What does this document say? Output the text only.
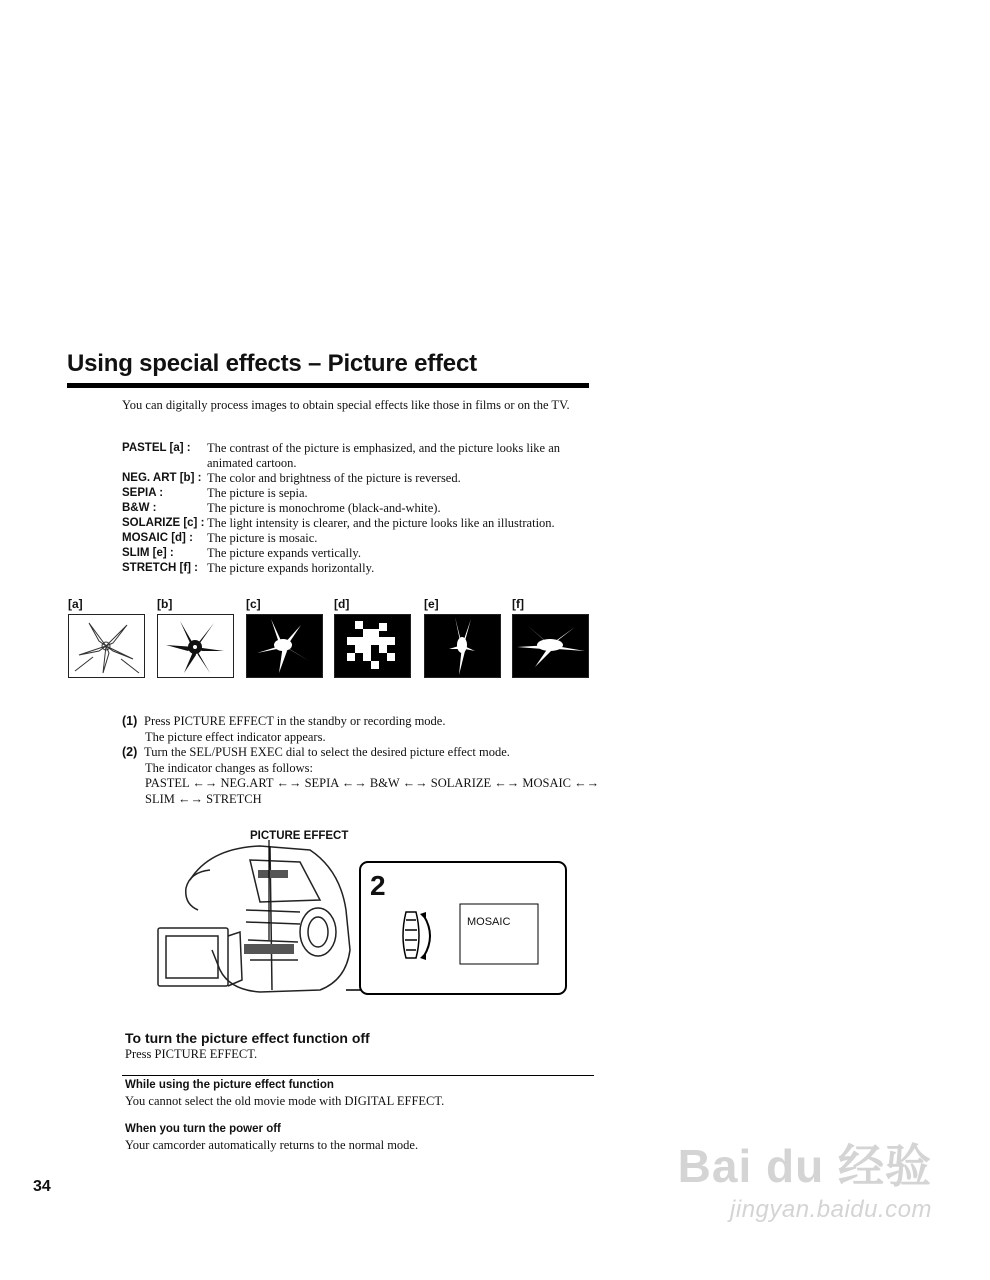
Using special effects – Picture effect
You can digitally process images to obtain special effects like those in films or on the TV.
PASTEL [a] :	The contrast of the picture is emphasized, and the picture looks like an animated cartoon.
NEG. ART [b] : The color and brightness of the picture is reversed.
SEPIA :	The picture is sepia.
B&W :	The picture is monochrome (black-and-white).
SOLARIZE [c] : The light intensity is clearer, and the picture looks like an illustration.
MOSAIC [d] :	The picture is mosaic.
SLIM [e] :	The picture expands vertically.
STRETCH [f] : The picture expands horizontally.
[a]	[b]	[c]	[d]	[e]	[f]
(1) Press PICTURE EFFECT in the standby or recording mode.
The picture effect indicator appears.
(2) Turn the SEL/PUSH EXEC dial to select the desired picture effect mode.
The indicator changes as follows:
PASTEL ←→ NEG.ART ←→ SEPIA ←→ B&W ←→ SOLARIZE ←→ MOSAIC ←→
SLIM ←→ STRETCH
PICTURE EFFECT
2
MOSAIC
To turn the picture effect function off
Press PICTURE EFFECT.
While using the picture effect function
You cannot select the old movie mode with DIGITAL EFFECT.
When you turn the power off
Your camcorder automatically returns to the normal mode.
34	Bai du 经验
jingyan.baidu.com
